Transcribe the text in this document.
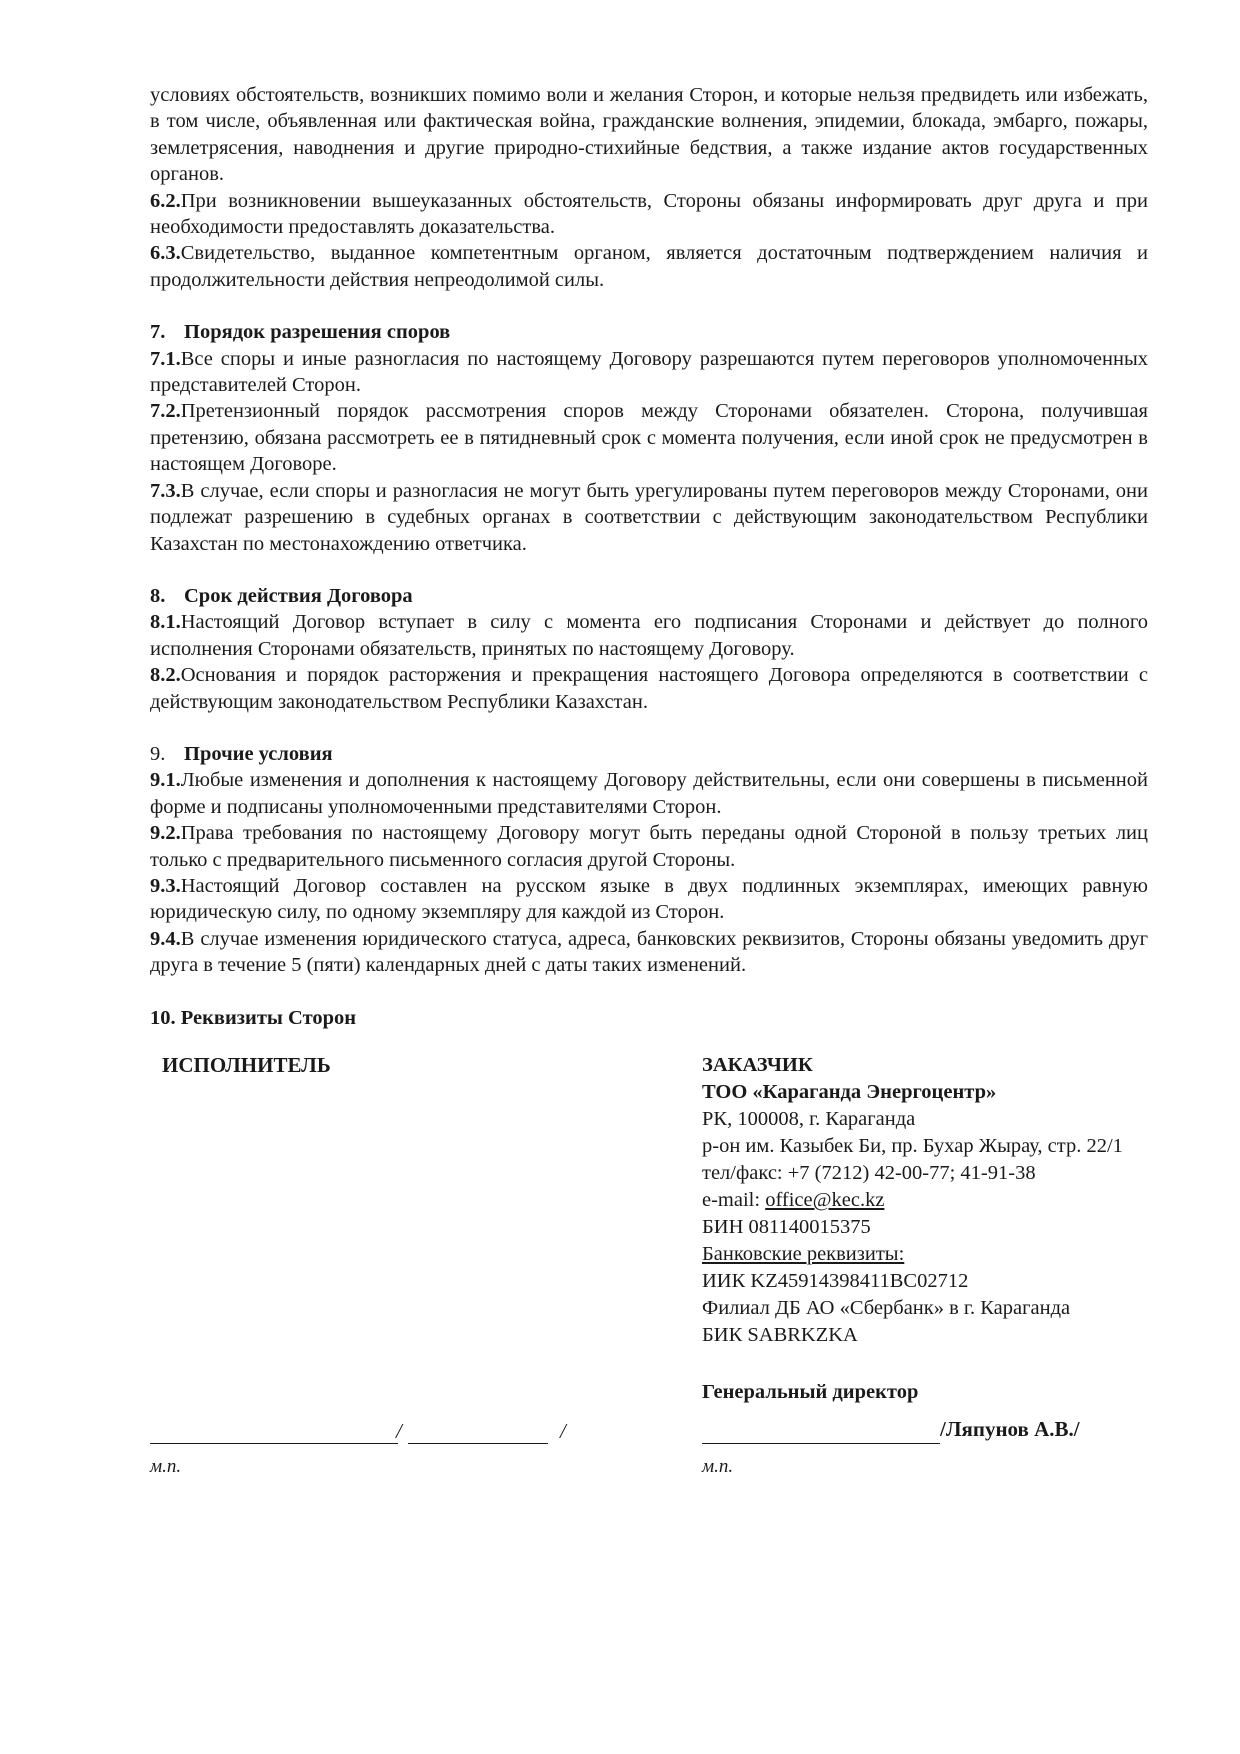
условиях обстоятельств, возникших помимо воли и желания Сторон, и которые нельзя предвидеть или избежать, в том числе, объявленная или фактическая война, гражданские волнения, эпидемии, блокада, эмбарго, пожары, землетрясения, наводнения и другие природно-стихийные бедствия, а также издание актов государственных органов.

6.2.При возникновении вышеуказанных обстоятельств, Стороны обязаны информировать друг друга и при необходимости предоставлять доказательства.

6.3.Свидетельство, выданное компетентным органом, является достаточным подтверждением наличия и продолжительности действия непреодолимой силы.

7. Порядок разрешения споров

7.1.Все споры и иные разногласия по настоящему Договору разрешаются путем переговоров уполномоченных представителей Сторон.

7.2.Претензионный порядок рассмотрения споров между Сторонами обязателен. Сторона, получившая претензию, обязана рассмотреть ее в пятидневный срок с момента получения, если иной срок не предусмотрен в настоящем Договоре.

7.3.В случае, если споры и разногласия не могут быть урегулированы путем переговоров между Сторонами, они подлежат разрешению в судебных органах в соответствии с действующим законодательством Республики Казахстан по местонахождению ответчика.

8. Срок действия Договора

8.1.Настоящий Договор вступает в силу с момента его подписания Сторонами и действует до полного исполнения Сторонами обязательств, принятых по настоящему Договору.

8.2.Основания и порядок расторжения и прекращения настоящего Договора определяются в соответствии с действующим законодательством Республики Казахстан.

9. Прочие условия

9.1.Любые изменения и дополнения к настоящему Договору действительны, если они совершены в письменной форме и подписаны уполномоченными представителями Сторон.

9.2.Права требования по настоящему Договору могут быть переданы одной Стороной в пользу третьих лиц только с предварительного письменного согласия другой Стороны.

9.3.Настоящий Договор составлен на русском языке в двух подлинных экземплярах, имеющих равную юридическую силу, по одному экземпляру для каждой из Сторон.

9.4.В случае изменения юридического статуса, адреса, банковских реквизитов, Стороны обязаны уведомить друг друга в течение 5 (пяти) календарных дней с даты таких изменений.

10. Реквизиты Сторон

ИСПОЛНИТЕЛЬ	ЗАКАЗЧИК
ТОО «Караганда Энергоцентр»
РК, 100008, г. Караганда
р-он им. Казыбек Би, пр. Бухар Жырау, стр. 22/1
тел/факс: +7 (7212) 42-00-77; 41-91-38
e-mail: office@kec.kz
БИН 081140015375
Банковские реквизиты:
ИИК KZ45914398411BC02712
Филиал ДБ АО «Сбербанк» в г. Караганда
БИК SABRKZKA
Генеральный директор
/	/
м.п.
/Ляпунов А.В./
м.п.
